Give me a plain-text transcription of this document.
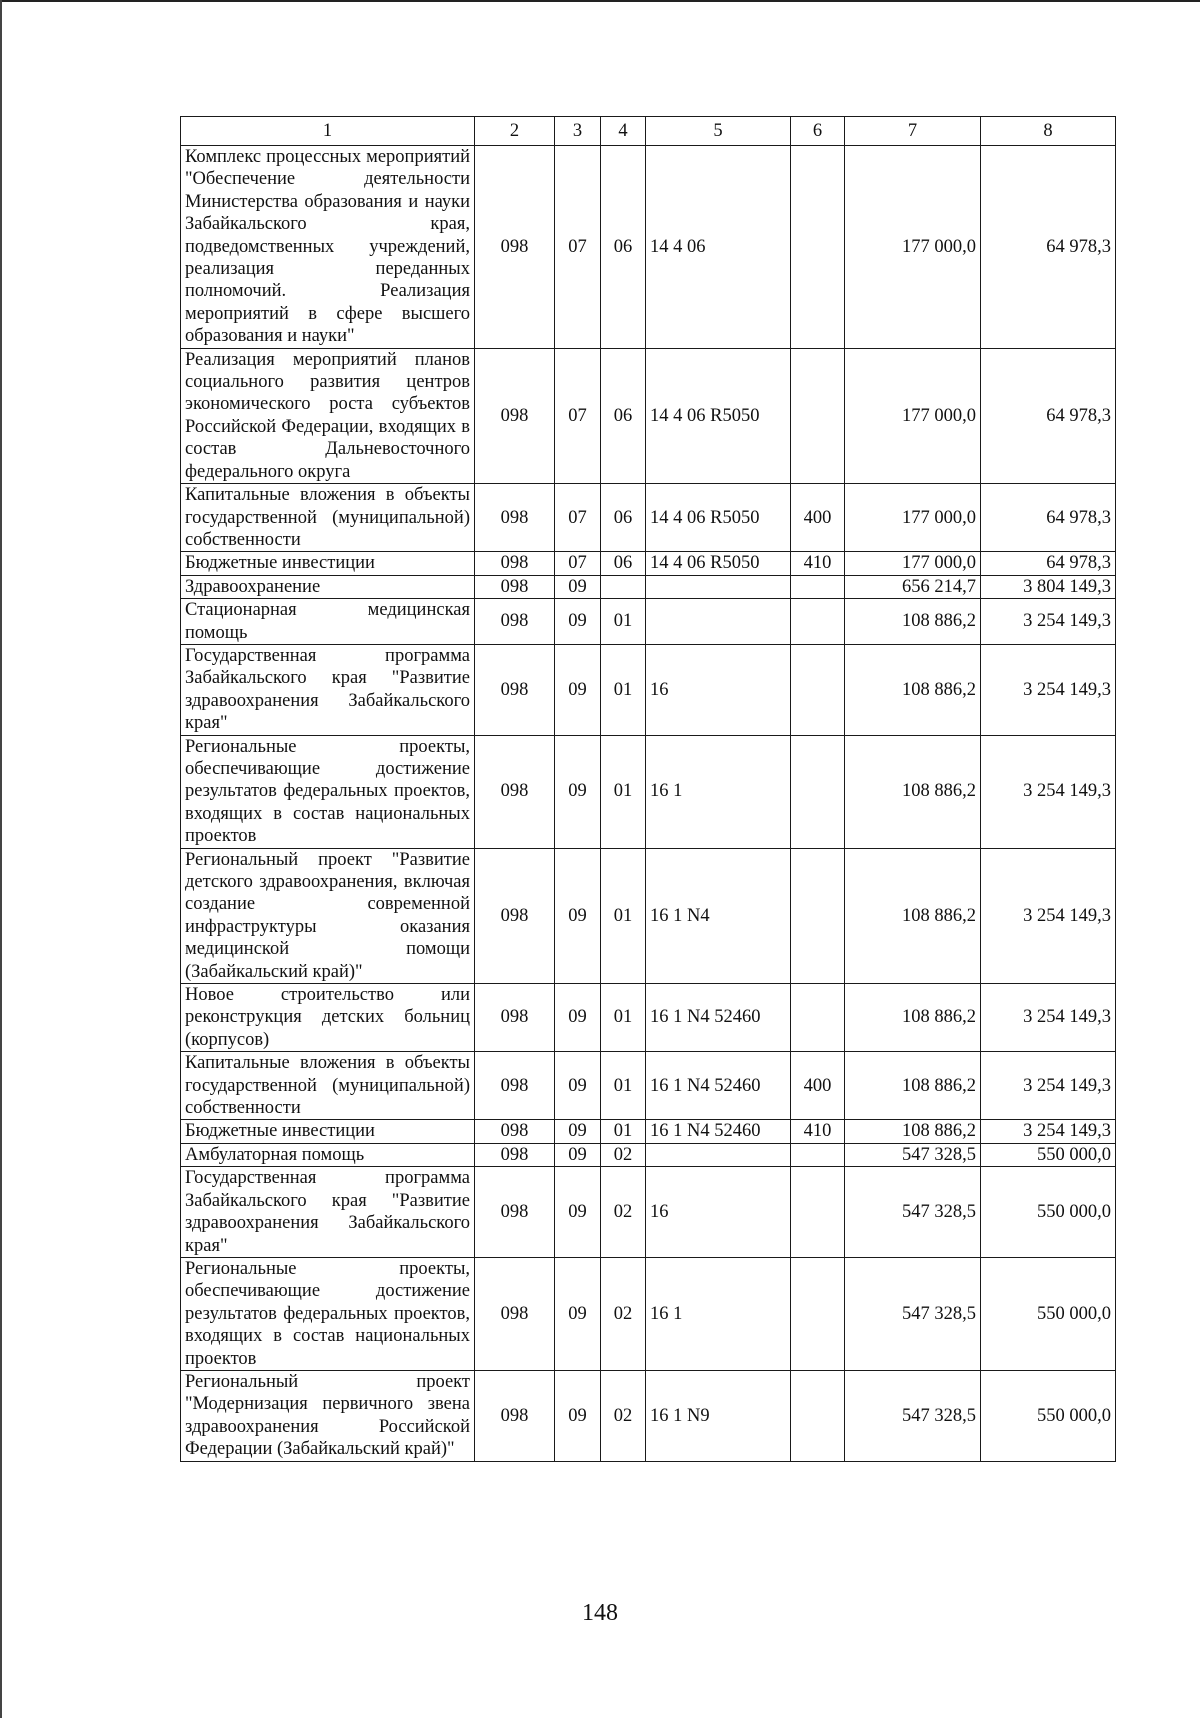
1	2	3	4	5	6	7	8
Комплекс процессных мероприятий "Обеспечение деятельности Министерства образования и науки Забайкальского края, подведомственных учреждений, реализация переданных полномочий. Реализация мероприятий в сфере высшего образования и науки"	098	07	06	14 4 06		177 000,0	64 978,3
Реализация мероприятий планов социального развития центров экономического роста субъектов Российской Федерации, входящих в состав Дальневосточного федерального округа	098	07	06	14 4 06 R5050		177 000,0	64 978,3
Капитальные вложения в объекты государственной (муниципальной) собственности	098	07	06	14 4 06 R5050	400	177 000,0	64 978,3
Бюджетные инвестиции	098	07	06	14 4 06 R5050	410	177 000,0	64 978,3
Здравоохранение	098	09				656 214,7	3 804 149,3
Стационарная медицинская помощь	098	09	01			108 886,2	3 254 149,3
Государственная программа Забайкальского края "Развитие здравоохранения Забайкальского края"	098	09	01	16		108 886,2	3 254 149,3
Региональные проекты, обеспечивающие достижение результатов федеральных проектов, входящих в состав национальных проектов	098	09	01	16 1		108 886,2	3 254 149,3
Региональный проект "Развитие детского здравоохранения, включая создание современной инфраструктуры оказания медицинской помощи (Забайкальский край)"	098	09	01	16 1 N4		108 886,2	3 254 149,3
Новое строительство или реконструкция детских больниц (корпусов)	098	09	01	16 1 N4 52460		108 886,2	3 254 149,3
Капитальные вложения в объекты государственной (муниципальной) собственности	098	09	01	16 1 N4 52460	400	108 886,2	3 254 149,3
Бюджетные инвестиции	098	09	01	16 1 N4 52460	410	108 886,2	3 254 149,3
Амбулаторная помощь	098	09	02			547 328,5	550 000,0
Государственная программа Забайкальского края "Развитие здравоохранения Забайкальского края"	098	09	02	16		547 328,5	550 000,0
Региональные проекты, обеспечивающие достижение результатов федеральных проектов, входящих в состав национальных проектов	098	09	02	16 1		547 328,5	550 000,0
Региональный проект "Модернизация первичного звена здравоохранения Российской Федерации (Забайкальский край)"	098	09	02	16 1 N9		547 328,5	550 000,0
148
